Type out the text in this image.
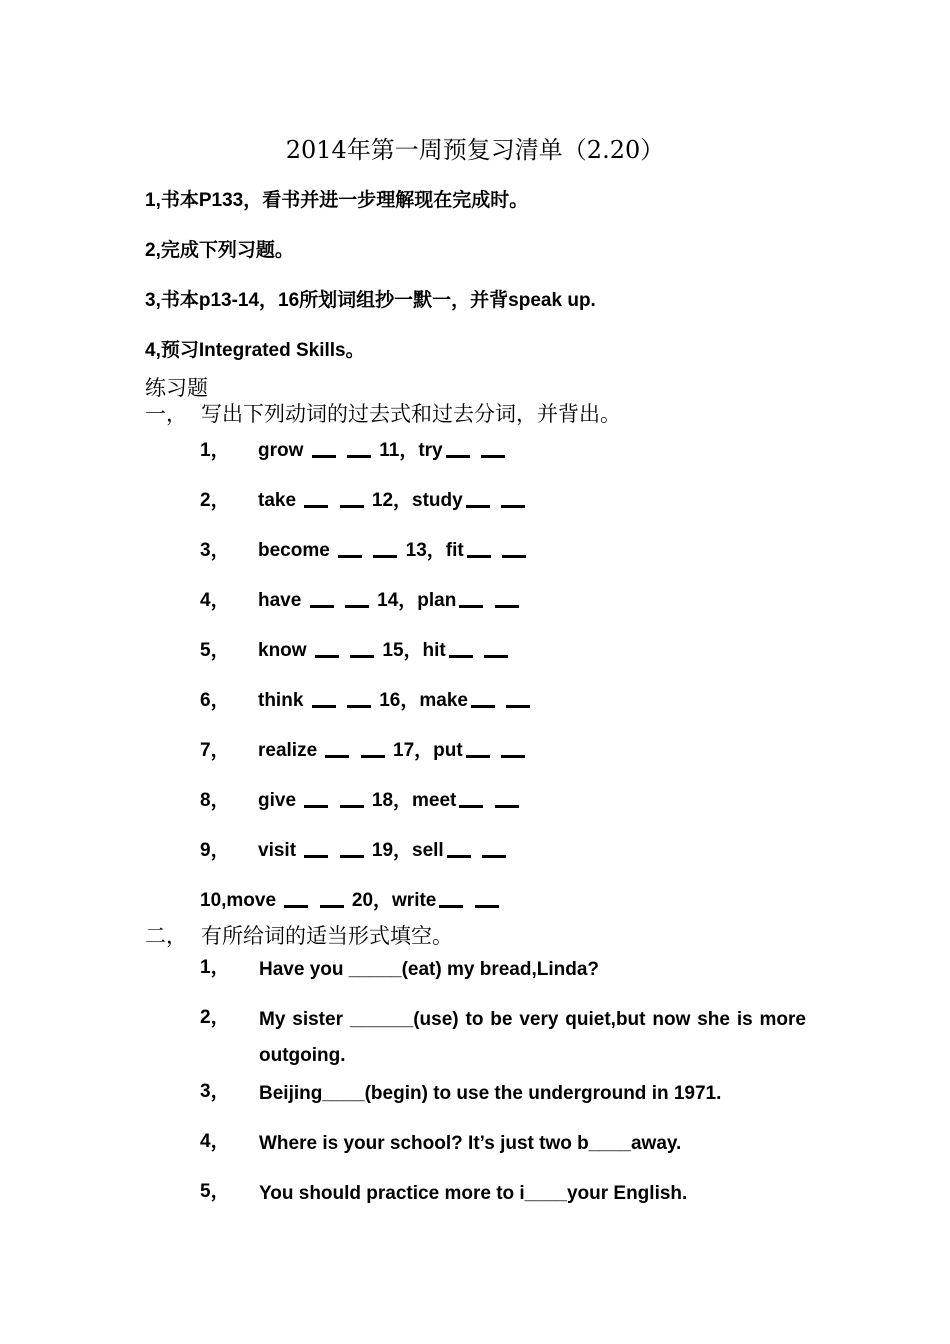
2014年第一周预复习清单（2.20）
1,书本P133，看书并进一步理解现在完成时。
2,完成下列习题。
3,书本p13-14，16所划词组抄一默一，并背speak up.
4,预习Integrated Skills。
练习题
一， 写出下列动词的过去式和过去分词，并背出。
1， grow	11，try
2， take	12，study
3， become	13，fit
4， have	14，plan
5， know	15，hit
6， think	16，make
7， realize	17，put
8， give	18，meet
9， visit	19，sell
10,move	20，write
二， 有所给词的适当形式填空。
1， Have you _____(eat) my bread,Linda?
2， My sister ______(use) to be very quiet,but now she is more outgoing.
3， Beijing____(begin) to use the underground in 1971.
4， Where is your school? It’s just two b____away.
5， You should practice more to i____your English.
